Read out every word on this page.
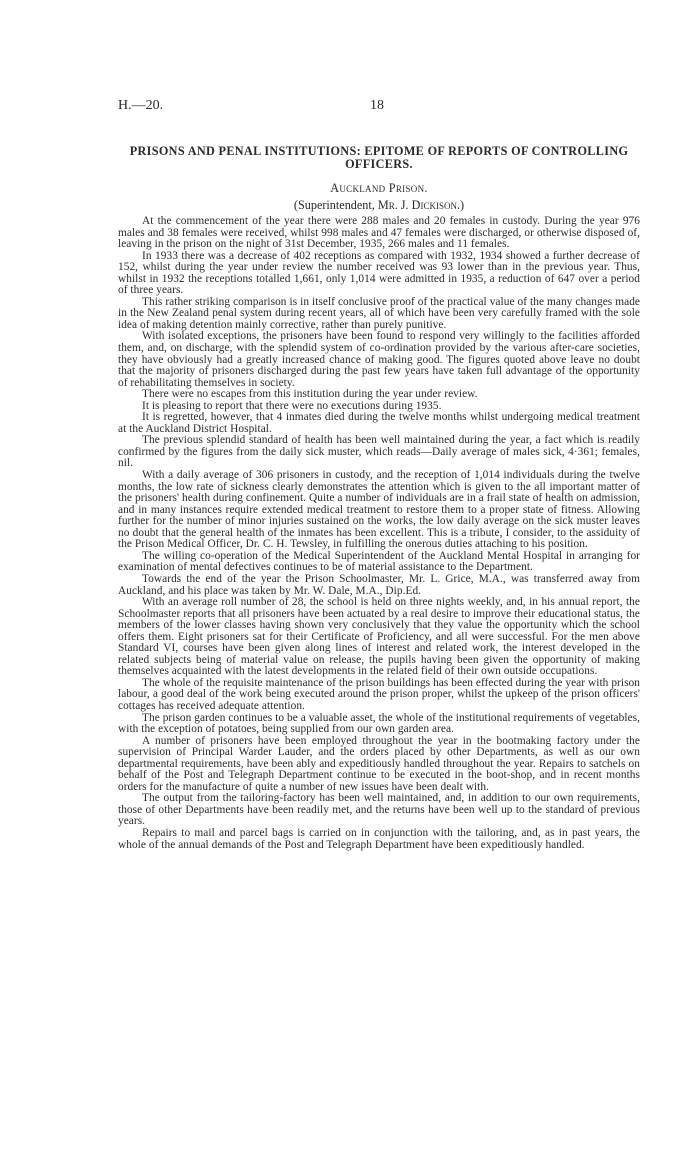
H.—20.	18
PRISONS AND PENAL INSTITUTIONS: EPITOME OF REPORTS OF CONTROLLING OFFICERS.
Auckland Prison.
(Superintendent, Mr. J. Dickison.)

At the commencement of the year there were 288 males and 20 females in custody. During the year 976 males and 38 females were received, whilst 998 males and 47 females were discharged, or otherwise disposed of, leaving in the prison on the night of 31st December, 1935, 266 males and 11 females.

In 1933 there was a decrease of 402 receptions as compared with 1932, 1934 showed a further decrease of 152, whilst during the year under review the number received was 93 lower than in the previous year. Thus, whilst in 1932 the receptions totalled 1,661, only 1,014 were admitted in 1935, a reduction of 647 over a period of three years.

This rather striking comparison is in itself conclusive proof of the practical value of the many changes made in the New Zealand penal system during recent years, all of which have been very carefully framed with the sole idea of making detention mainly corrective, rather than purely punitive.

With isolated exceptions, the prisoners have been found to respond very willingly to the facilities afforded them, and, on discharge, with the splendid system of co-ordination provided by the various after-care societies, they have obviously had a greatly increased chance of making good. The figures quoted above leave no doubt that the majority of prisoners discharged during the past few years have taken full advantage of the opportunity of rehabilitating themselves in society.

There were no escapes from this institution during the year under review.

It is pleasing to report that there were no executions during 1935.

It is regretted, however, that 4 inmates died during the twelve months whilst undergoing medical treatment at the Auckland District Hospital.

The previous splendid standard of health has been well maintained during the year, a fact which is readily confirmed by the figures from the daily sick muster, which reads—Daily average of males sick, 4·361; females, nil.

With a daily average of 306 prisoners in custody, and the reception of 1,014 individuals during the twelve months, the low rate of sickness clearly demonstrates the attention which is given to the all important matter of the prisoners' health during confinement. Quite a number of individuals are in a frail state of health on admission, and in many instances require extended medical treatment to restore them to a proper state of fitness. Allowing further for the number of minor injuries sustained on the works, the low daily average on the sick muster leaves no doubt that the general health of the inmates has been excellent. This is a tribute, I consider, to the assiduity of the Prison Medical Officer, Dr. C. H. Tewsley, in fulfilling the onerous duties attaching to his position.

The willing co-operation of the Medical Superintendent of the Auckland Mental Hospital in arranging for examination of mental defectives continues to be of material assistance to the Department.

Towards the end of the year the Prison Schoolmaster, Mr. L. Grice, M.A., was transferred away from Auckland, and his place was taken by Mr. W. Dale, M.A., Dip.Ed.

With an average roll number of 28, the school is held on three nights weekly, and, in his annual report, the Schoolmaster reports that all prisoners have been actuated by a real desire to improve their educational status, the members of the lower classes having shown very conclusively that they value the opportunity which the school offers them. Eight prisoners sat for their Certificate of Proficiency, and all were successful. For the men above Standard VI, courses have been given along lines of interest and related work, the interest developed in the related subjects being of material value on release, the pupils having been given the opportunity of making themselves acquainted with the latest developments in the related field of their own outside occupations.

The whole of the requisite maintenance of the prison buildings has been effected during the year with prison labour, a good deal of the work being executed around the prison proper, whilst the upkeep of the prison officers' cottages has received adequate attention.

The prison garden continues to be a valuable asset, the whole of the institutional requirements of vegetables, with the exception of potatoes, being supplied from our own garden area.

A number of prisoners have been employed throughout the year in the bootmaking factory under the supervision of Principal Warder Lauder, and the orders placed by other Departments, as well as our own departmental requirements, have been ably and expeditiously handled throughout the year. Repairs to satchels on behalf of the Post and Telegraph Department continue to be executed in the boot-shop, and in recent months orders for the manufacture of quite a number of new issues have been dealt with.

The output from the tailoring-factory has been well maintained, and, in addition to our own requirements, those of other Departments have been readily met, and the returns have been well up to the standard of previous years.

Repairs to mail and parcel bags is carried on in conjunction with the tailoring, and, as in past years, the whole of the annual demands of the Post and Telegraph Department have been expeditiously handled.
